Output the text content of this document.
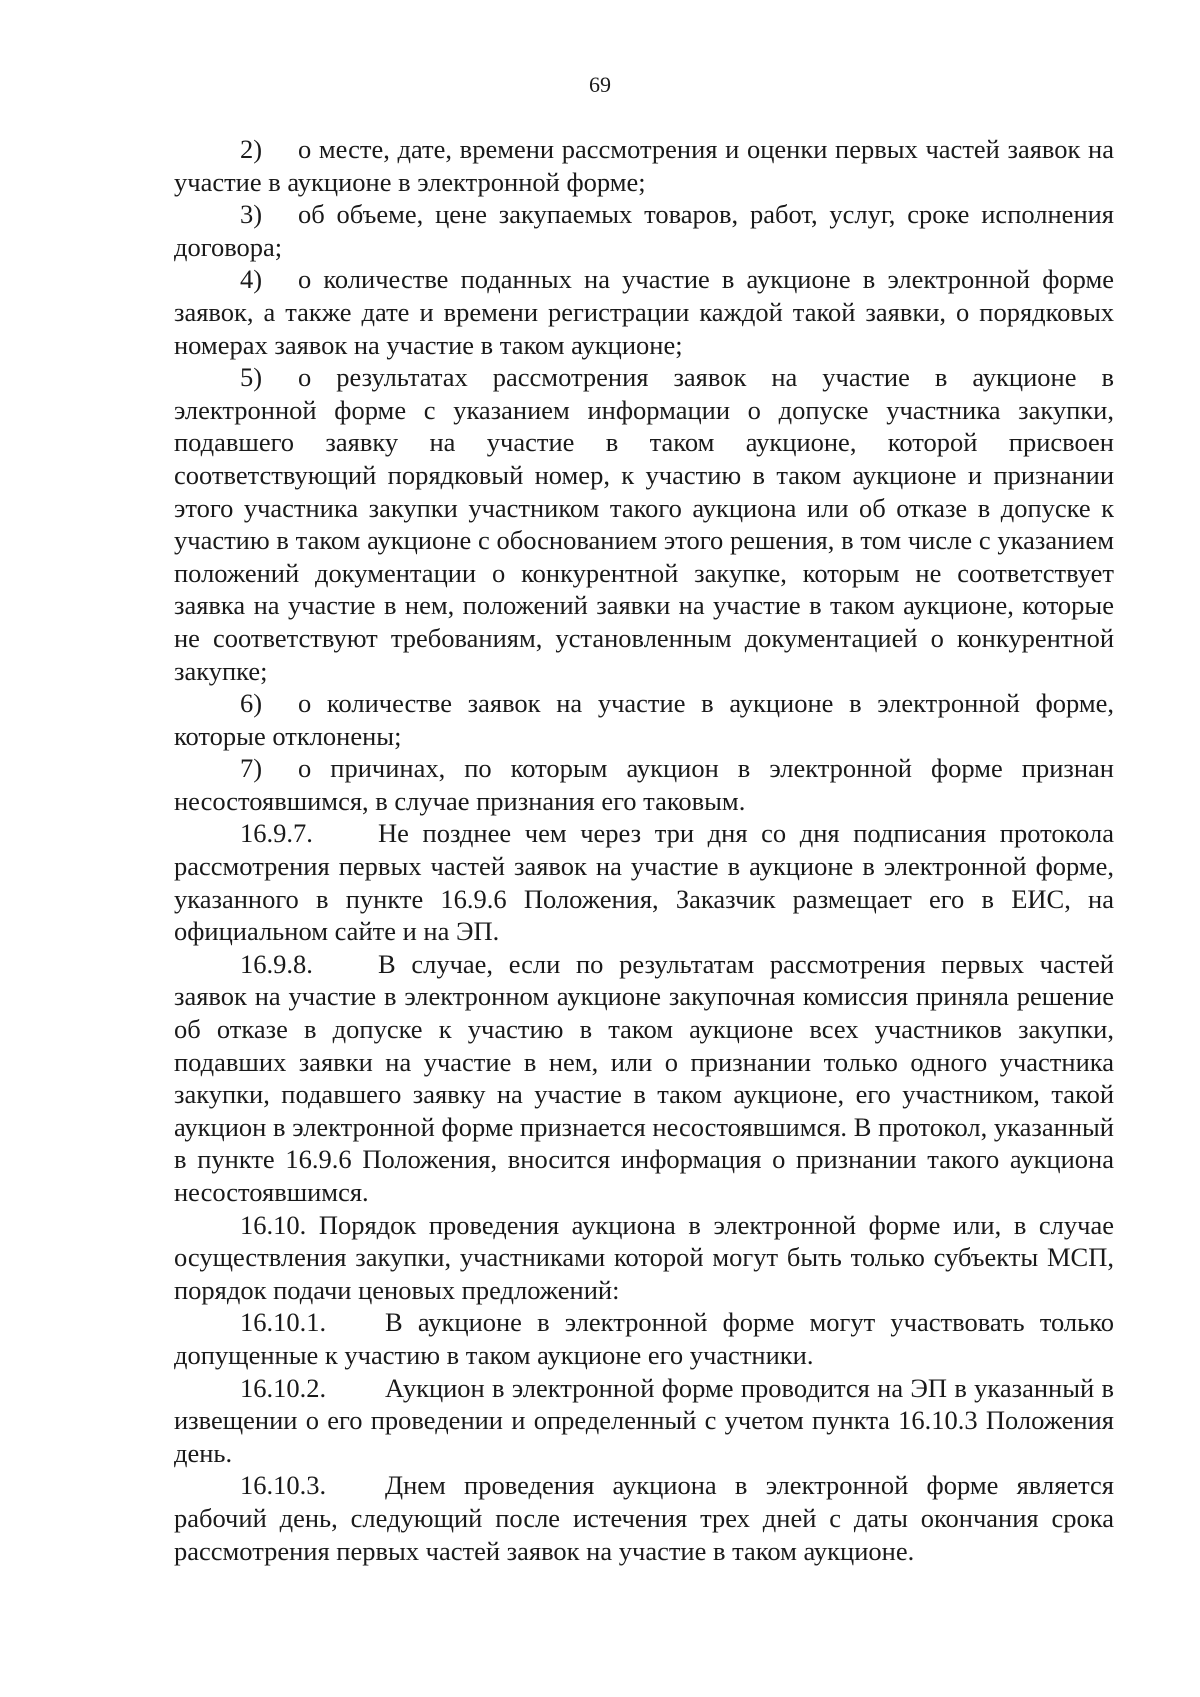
69

2) о месте, дате, времени рассмотрения и оценки первых частей заявок на участие в аукционе в электронной форме;

3) об объеме, цене закупаемых товаров, работ, услуг, сроке исполнения договора;

4) о количестве поданных на участие в аукционе в электронной форме заявок, а также дате и времени регистрации каждой такой заявки, о порядковых номерах заявок на участие в таком аукционе;

5) о результатах рассмотрения заявок на участие в аукционе в электронной форме с указанием информации о допуске участника закупки, подавшего заявку на участие в таком аукционе, которой присвоен соответствующий порядковый номер, к участию в таком аукционе и признании этого участника закупки участником такого аукциона или об отказе в допуске к участию в таком аукционе с обоснованием этого решения, в том числе с указанием положений документации о конкурентной закупке, которым не соответствует заявка на участие в нем, положений заявки на участие в таком аукционе, которые не соответствуют требованиям, установленным документацией о конкурентной закупке;

6) о количестве заявок на участие в аукционе в электронной форме, которые отклонены;

7) о причинах, по которым аукцион в электронной форме признан несостоявшимся, в случае признания его таковым.

16.9.7. Не позднее чем через три дня со дня подписания протокола рассмотрения первых частей заявок на участие в аукционе в электронной форме, указанного в пункте 16.9.6 Положения, Заказчик размещает его в ЕИС, на официальном сайте и на ЭП.

16.9.8. В случае, если по результатам рассмотрения первых частей заявок на участие в электронном аукционе закупочная комиссия приняла решение об отказе в допуске к участию в таком аукционе всех участников закупки, подавших заявки на участие в нем, или о признании только одного участника закупки, подавшего заявку на участие в таком аукционе, его участником, такой аукцион в электронной форме признается несостоявшимся. В протокол, указанный в пункте 16.9.6 Положения, вносится информация о признании такого аукциона несостоявшимся.

16.10. Порядок проведения аукциона в электронной форме или, в случае осуществления закупки, участниками которой могут быть только субъекты МСП, порядок подачи ценовых предложений:

16.10.1. В аукционе в электронной форме могут участвовать только допущенные к участию в таком аукционе его участники.

16.10.2. Аукцион в электронной форме проводится на ЭП в указанный в извещении о его проведении и определенный с учетом пункта 16.10.3 Положения день.

16.10.3. Днем проведения аукциона в электронной форме является рабочий день, следующий после истечения трех дней с даты окончания срока рассмотрения первых частей заявок на участие в таком аукционе.
